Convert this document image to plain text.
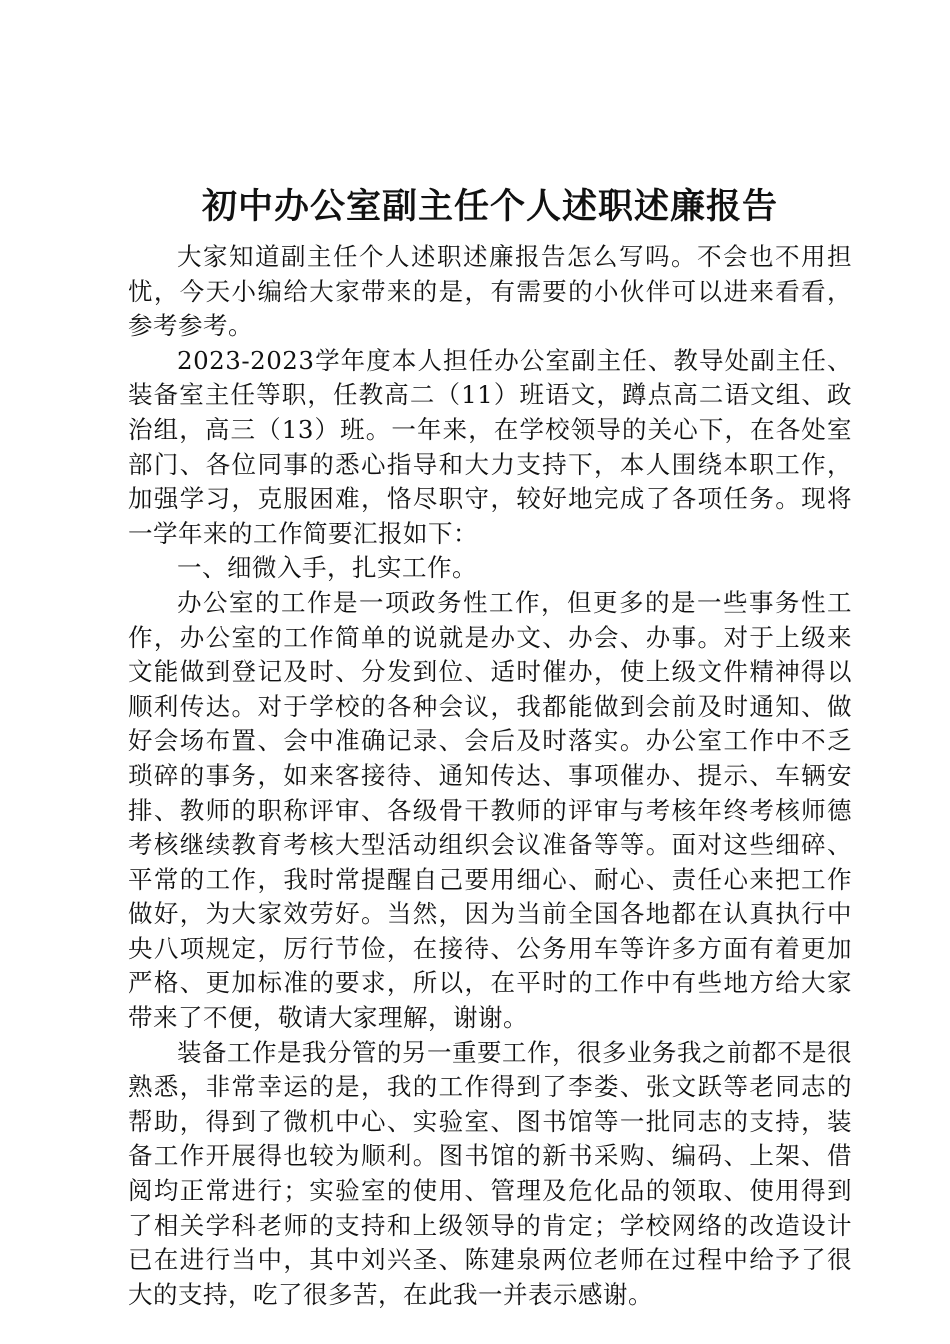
初中办公室副主任个人述职述廉报告

大家知道副主任个人述职述廉报告怎么写吗。不会也不用担忧，今天小编给大家带来的是，有需要的小伙伴可以进来看看，参考参考。

2023-2023学年度本人担任办公室副主任、教导处副主任、装备室主任等职，任教高二（11）班语文，蹲点高二语文组、政治组，高三（13）班。一年来，在学校领导的关心下，在各处室部门、各位同事的悉心指导和大力支持下，本人围绕本职工作，加强学习，克服困难，恪尽职守，较好地完成了各项任务。现将一学年来的工作简要汇报如下：

一、细微入手，扎实工作。

办公室的工作是一项政务性工作，但更多的是一些事务性工作，办公室的工作简单的说就是办文、办会、办事。对于上级来文能做到登记及时、分发到位、适时催办，使上级文件精神得以顺利传达。对于学校的各种会议，我都能做到会前及时通知、做好会场布置、会中准确记录、会后及时落实。办公室工作中不乏琐碎的事务，如来客接待、通知传达、事项催办、提示、车辆安排、教师的职称评审、各级骨干教师的评审与考核年终考核师德考核继续教育考核大型活动组织会议准备等等。面对这些细碎、平常的工作，我时常提醒自己要用细心、耐心、责任心来把工作做好，为大家效劳好。当然，因为当前全国各地都在认真执行中央八项规定，厉行节俭，在接待、公务用车等许多方面有着更加严格、更加标准的要求，所以，在平时的工作中有些地方给大家带来了不便，敬请大家理解，谢谢。

装备工作是我分管的另一重要工作，很多业务我之前都不是很熟悉，非常幸运的是，我的工作得到了李娄、张文跃等老同志的帮助，得到了微机中心、实验室、图书馆等一批同志的支持，装备工作开展得也较为顺利。图书馆的新书采购、编码、上架、借阅均正常进行；实验室的使用、管理及危化品的领取、使用得到了相关学科老师的支持和上级领导的肯定；学校网络的改造设计已在进行当中，其中刘兴圣、陈建泉两位老师在过程中给予了很大的支持，吃了很多苦，在此我一并表示感谢。
